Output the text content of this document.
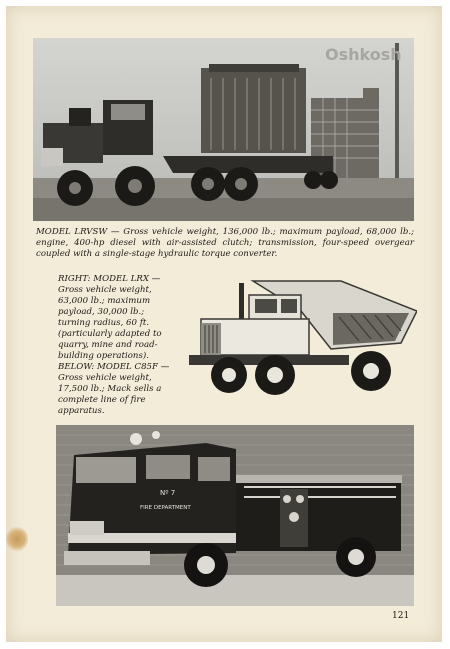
Oshkosh

MODEL LRVSW — Gross vehicle weight, 136,000 lb.; maximum payload, 68,000 lb.; engine, 400-hp diesel with air-assisted clutch; transmission, four-speed overgear coupled with a single-stage hydraulic torque converter.

RIGHT: MODEL LRX —Gross vehicle weight, 63,000 lb.; maximum payload, 30,000 lb.; turning radius, 60 ft. (particularly adapted to quarry, mine and road-building operations). BELOW: MODEL C85F — Gross vehicle weight, 17,500 lb.; Mack sells a complete line of fire apparatus.

Nº 7
FIRE DEPARTMENT
121
